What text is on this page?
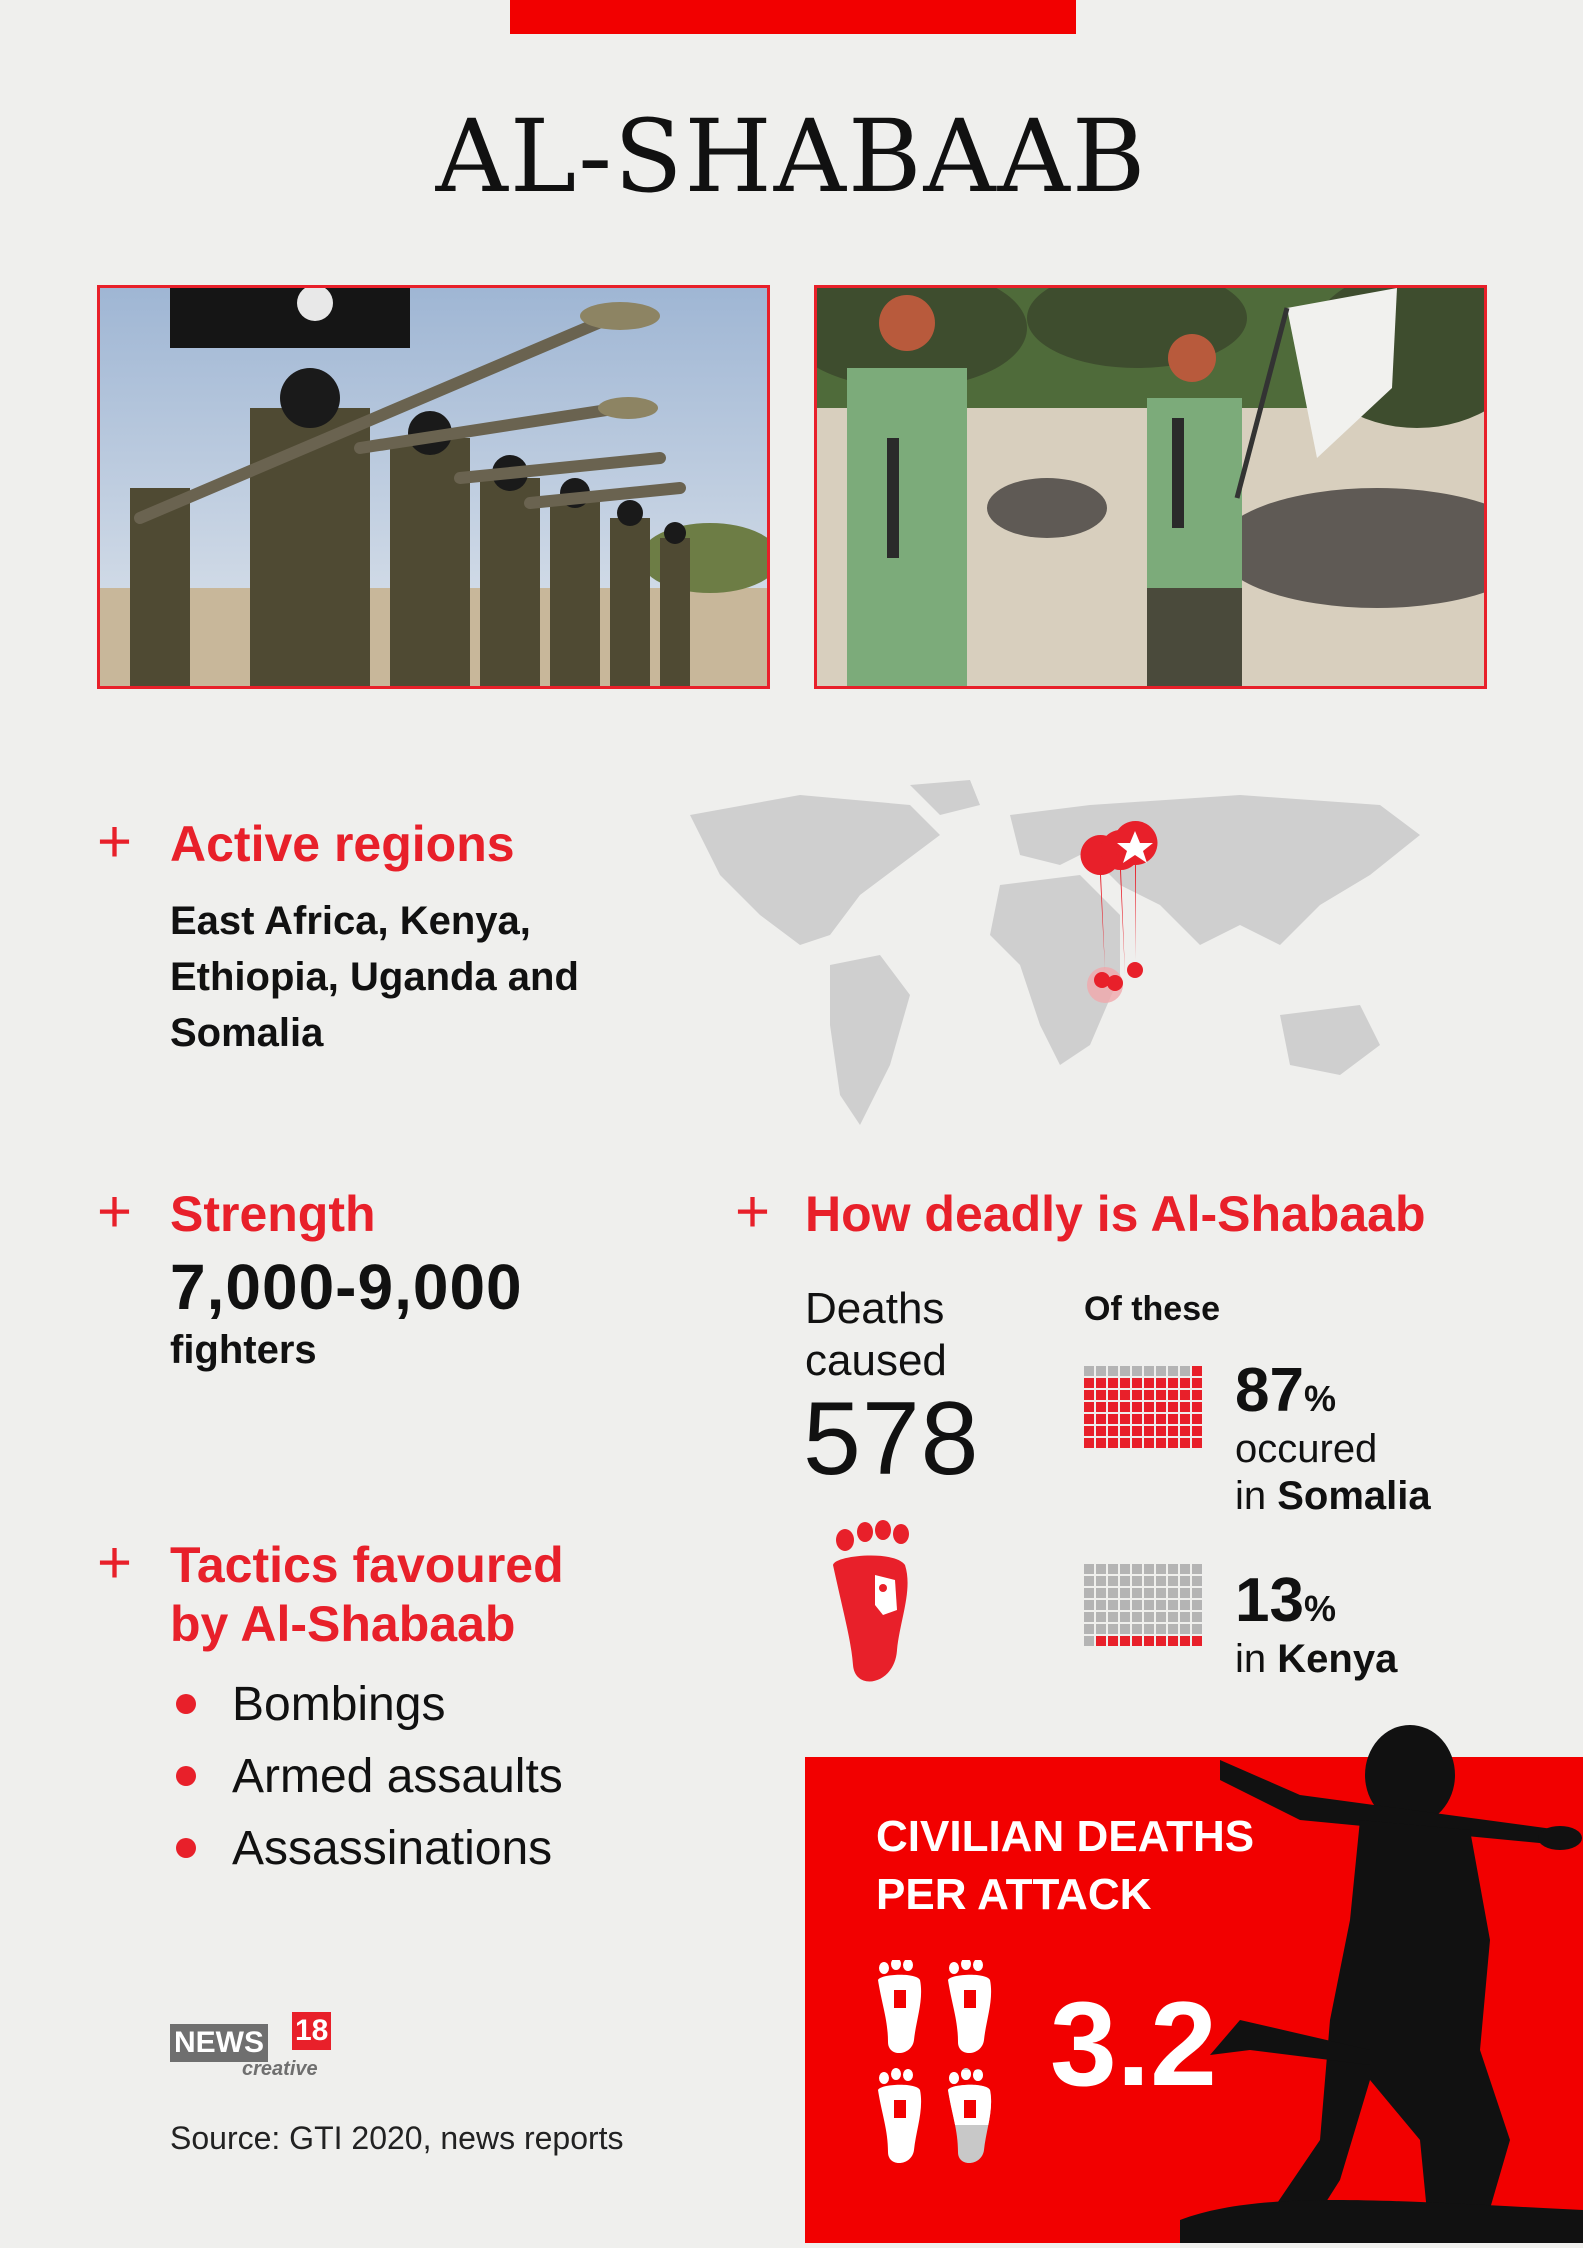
AL-SHABAAB
+ Active regions
East Africa, Kenya,
Ethiopia, Uganda and
Somalia
+ Strength
7,000-9,000
fighters
+ Tactics favoured
by Al-Shabaab
Bombings
Armed assaults
Assassinations
+ How deadly is Al-Shabaab
Deaths
caused
578
Of these
87%
occured
in Somalia
13%
in Kenya
CIVILIAN DEATHS
PER ATTACK
3.2
NEWS 18
creative
Source: GTI 2020, news reports
